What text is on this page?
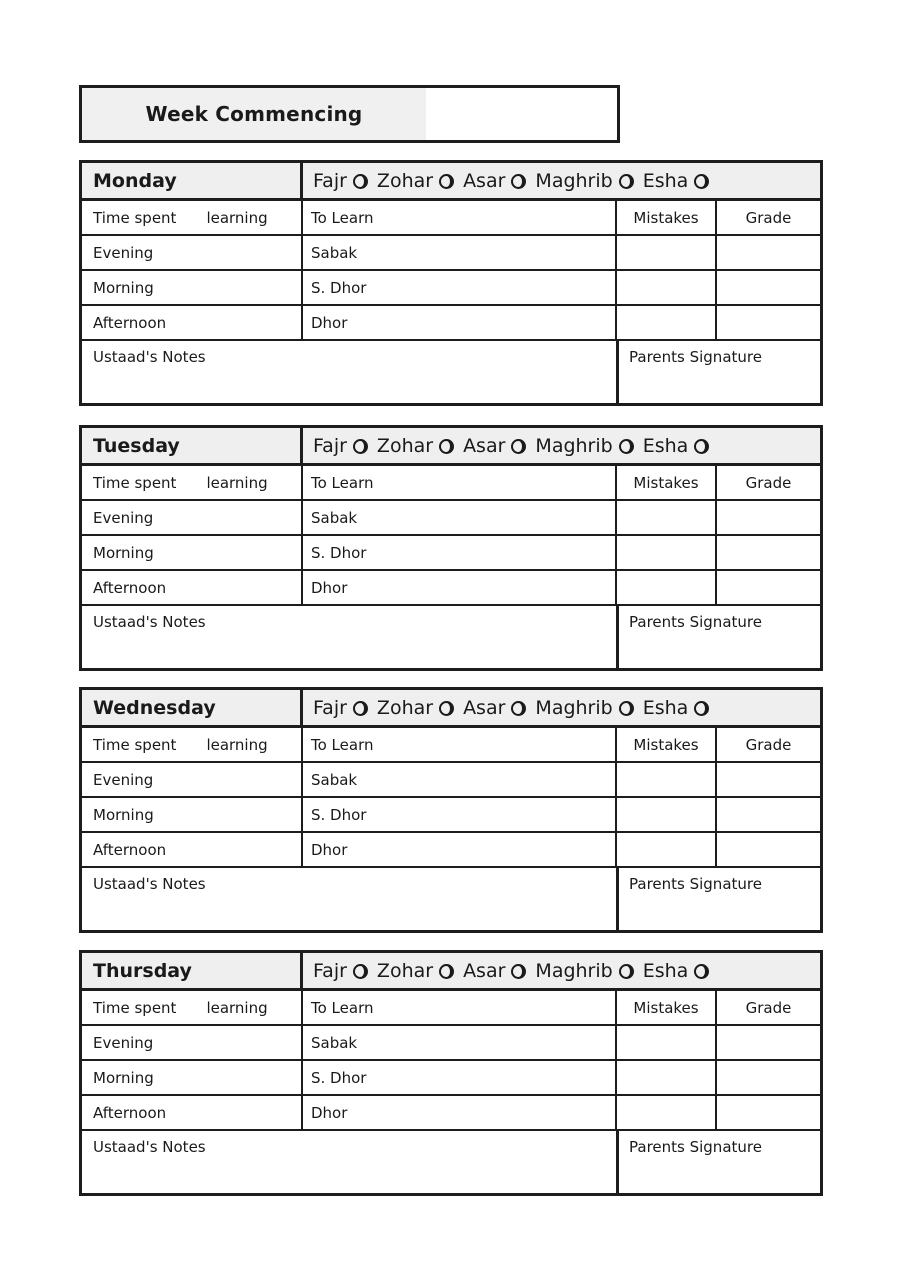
Week Commencing
Monday	Fajr Zohar Asar Maghrib Esha
Time spent learning	To Learn	Mistakes	Grade
Evening	Sabak
Morning	S. Dhor
Afternoon	Dhor
Ustaad's Notes	Parents Signature
Tuesday	Fajr Zohar Asar Maghrib Esha
Time spent learning	To Learn	Mistakes	Grade
Evening	Sabak
Morning	S. Dhor
Afternoon	Dhor
Ustaad's Notes	Parents Signature
Wednesday	Fajr Zohar Asar Maghrib Esha
Time spent learning	To Learn	Mistakes	Grade
Evening	Sabak
Morning	S. Dhor
Afternoon	Dhor
Ustaad's Notes	Parents Signature
Thursday	Fajr Zohar Asar Maghrib Esha
Time spent learning	To Learn	Mistakes	Grade
Evening	Sabak
Morning	S. Dhor
Afternoon	Dhor
Ustaad's Notes	Parents Signature
